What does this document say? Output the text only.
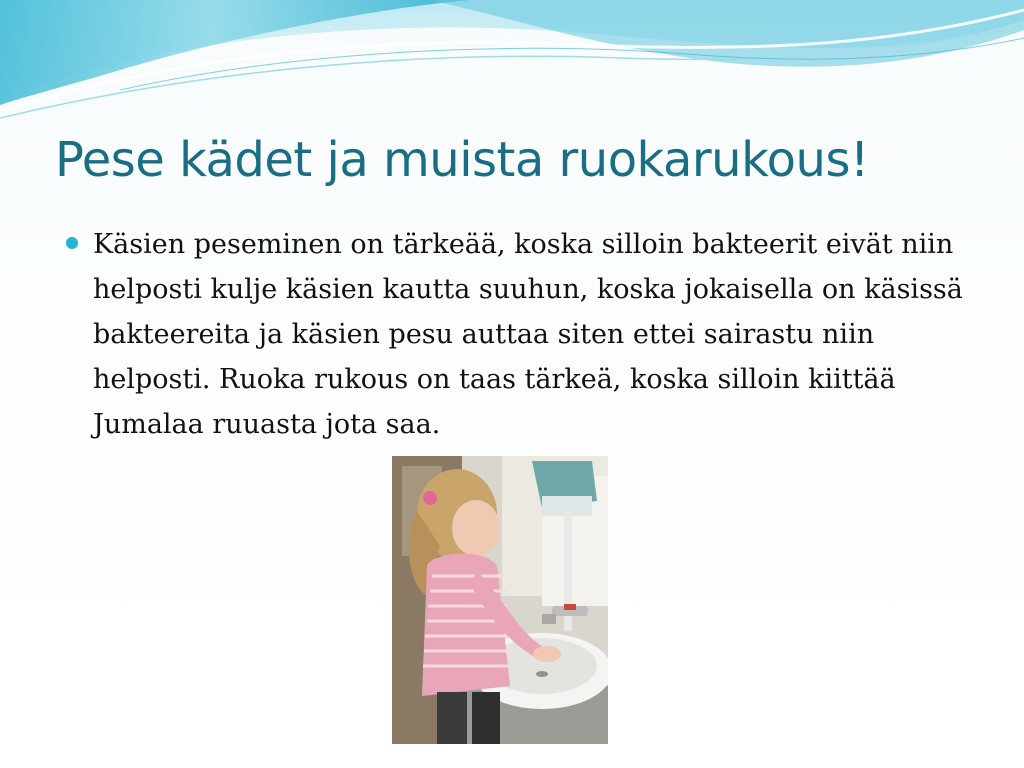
Pese kädet ja muista ruokarukous!
Käsien peseminen on tärkeää, koska silloin bakteerit eivät niin helposti kulje käsien kautta suuhun, koska jokaisella on käsissä bakteereita ja käsien pesu auttaa siten ettei sairastu niin helposti. Ruoka rukous on taas tärkeä, koska silloin kiittää Jumalaa ruuasta jota saa.
